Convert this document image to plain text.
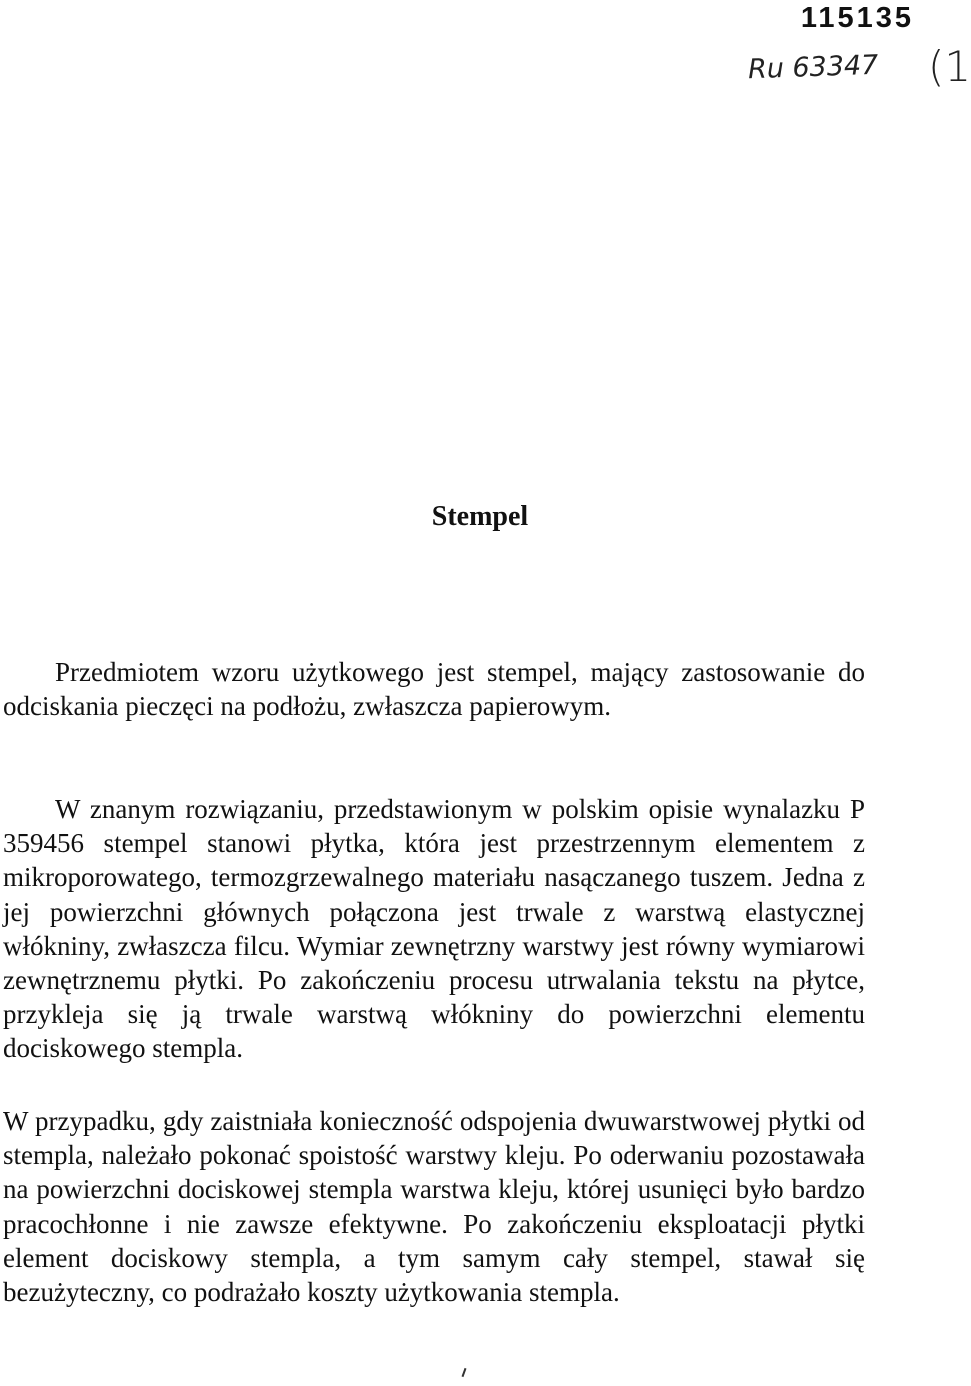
115135
Ru 63347 (1
Stempel

Przedmiotem wzoru użytkowego jest stempel, mający zastosowanie do odciskania pieczęci na podłożu, zwłaszcza papierowym.

W znanym rozwiązaniu, przedstawionym w polskim opisie wynalazku P 359456 stempel stanowi płytka, która jest przestrzennym elementem z mikroporowatego, termozgrzewalnego materiału nasączanego tuszem. Jedna z jej powierzchni głównych połączona jest trwale z warstwą elastycznej włókniny, zwłaszcza filcu. Wymiar zewnętrzny warstwy jest równy wymiarowi zewnętrznemu płytki. Po zakończeniu procesu utrwalania tekstu na płytce, przykleja się ją trwale warstwą włókniny do powierzchni elementu dociskowego stempla.

W przypadku, gdy zaistniała konieczność odspojenia dwuwarstwowej płytki od stempla, należało pokonać spoistość warstwy kleju. Po oderwaniu pozostawała na powierzchni dociskowej stempla warstwa kleju, której usunięci było bardzo pracochłonne i nie zawsze efektywne. Po zakończeniu eksploatacji płytki element dociskowy stempla, a tym samym cały stempel, stawał się bezużyteczny, co podrażało koszty użytkowania stempla.
